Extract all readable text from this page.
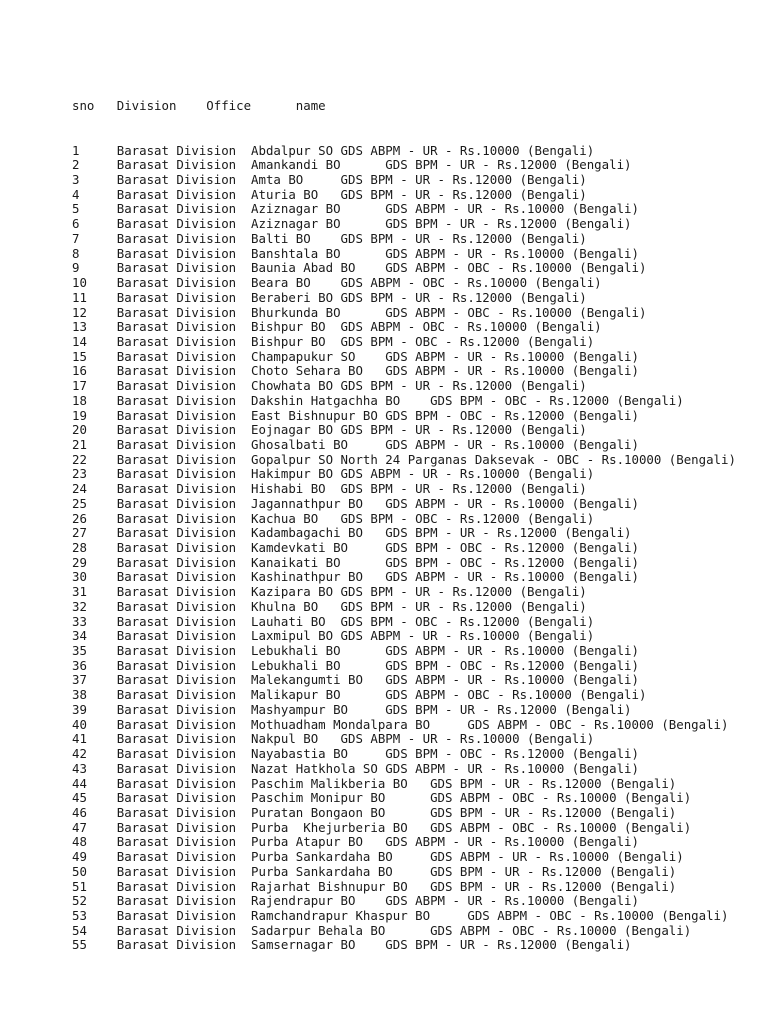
sno   Division    Office      name

1     Barasat Division  Abdalpur SO GDS ABPM - UR - Rs.10000 (Bengali)
2     Barasat Division  Amankandi BO      GDS BPM - UR - Rs.12000 (Bengali)
3     Barasat Division  Amta BO     GDS BPM - UR - Rs.12000 (Bengali)
4     Barasat Division  Aturia BO   GDS BPM - UR - Rs.12000 (Bengali)
5     Barasat Division  Aziznagar BO      GDS ABPM - UR - Rs.10000 (Bengali)
6     Barasat Division  Aziznagar BO      GDS BPM - UR - Rs.12000 (Bengali)
7     Barasat Division  Balti BO    GDS BPM - UR - Rs.12000 (Bengali)
8     Barasat Division  Banshtala BO      GDS ABPM - UR - Rs.10000 (Bengali)
9     Barasat Division  Baunia Abad BO    GDS ABPM - OBC - Rs.10000 (Bengali)
10    Barasat Division  Beara BO    GDS ABPM - OBC - Rs.10000 (Bengali)
11    Barasat Division  Beraberi BO GDS BPM - UR - Rs.12000 (Bengali)
12    Barasat Division  Bhurkunda BO      GDS ABPM - OBC - Rs.10000 (Bengali)
13    Barasat Division  Bishpur BO  GDS ABPM - OBC - Rs.10000 (Bengali)
14    Barasat Division  Bishpur BO  GDS BPM - OBC - Rs.12000 (Bengali)
15    Barasat Division  Champapukur SO    GDS ABPM - UR - Rs.10000 (Bengali)
16    Barasat Division  Choto Sehara BO   GDS ABPM - UR - Rs.10000 (Bengali)
17    Barasat Division  Chowhata BO GDS BPM - UR - Rs.12000 (Bengali)
18    Barasat Division  Dakshin Hatgachha BO    GDS BPM - OBC - Rs.12000 (Bengali)
19    Barasat Division  East Bishnupur BO GDS BPM - OBC - Rs.12000 (Bengali)
20    Barasat Division  Eojnagar BO GDS BPM - UR - Rs.12000 (Bengali)
21    Barasat Division  Ghosalbati BO     GDS ABPM - UR - Rs.10000 (Bengali)
22    Barasat Division  Gopalpur SO North 24 Parganas Daksevak - OBC - Rs.10000 (Bengali)
23    Barasat Division  Hakimpur BO GDS ABPM - UR - Rs.10000 (Bengali)
24    Barasat Division  Hishabi BO  GDS BPM - UR - Rs.12000 (Bengali)
25    Barasat Division  Jagannathpur BO   GDS ABPM - UR - Rs.10000 (Bengali)
26    Barasat Division  Kachua BO   GDS BPM - OBC - Rs.12000 (Bengali)
27    Barasat Division  Kadambagachi BO   GDS BPM - UR - Rs.12000 (Bengali)
28    Barasat Division  Kamdevkati BO     GDS BPM - OBC - Rs.12000 (Bengali)
29    Barasat Division  Kanaikati BO      GDS BPM - OBC - Rs.12000 (Bengali)
30    Barasat Division  Kashinathpur BO   GDS ABPM - UR - Rs.10000 (Bengali)
31    Barasat Division  Kazipara BO GDS BPM - UR - Rs.12000 (Bengali)
32    Barasat Division  Khulna BO   GDS BPM - UR - Rs.12000 (Bengali)
33    Barasat Division  Lauhati BO  GDS BPM - OBC - Rs.12000 (Bengali)
34    Barasat Division  Laxmipul BO GDS ABPM - UR - Rs.10000 (Bengali)
35    Barasat Division  Lebukhali BO      GDS ABPM - UR - Rs.10000 (Bengali)
36    Barasat Division  Lebukhali BO      GDS BPM - OBC - Rs.12000 (Bengali)
37    Barasat Division  Malekangumti BO   GDS ABPM - UR - Rs.10000 (Bengali)
38    Barasat Division  Malikapur BO      GDS ABPM - OBC - Rs.10000 (Bengali)
39    Barasat Division  Mashyampur BO     GDS BPM - UR - Rs.12000 (Bengali)
40    Barasat Division  Mothuadham Mondalpara BO     GDS ABPM - OBC - Rs.10000 (Bengali)
41    Barasat Division  Nakpul BO   GDS ABPM - UR - Rs.10000 (Bengali)
42    Barasat Division  Nayabastia BO     GDS BPM - OBC - Rs.12000 (Bengali)
43    Barasat Division  Nazat Hatkhola SO GDS ABPM - UR - Rs.10000 (Bengali)
44    Barasat Division  Paschim Malikberia BO   GDS BPM - UR - Rs.12000 (Bengali)
45    Barasat Division  Paschim Monipur BO      GDS ABPM - OBC - Rs.10000 (Bengali)
46    Barasat Division  Puratan Bongaon BO      GDS BPM - UR - Rs.12000 (Bengali)
47    Barasat Division  Purba  Khejurberia BO   GDS ABPM - OBC - Rs.10000 (Bengali)
48    Barasat Division  Purba Atapur BO   GDS ABPM - UR - Rs.10000 (Bengali)
49    Barasat Division  Purba Sankardaha BO     GDS ABPM - UR - Rs.10000 (Bengali)
50    Barasat Division  Purba Sankardaha BO     GDS BPM - UR - Rs.12000 (Bengali)
51    Barasat Division  Rajarhat Bishnupur BO   GDS BPM - UR - Rs.12000 (Bengali)
52    Barasat Division  Rajendrapur BO    GDS ABPM - UR - Rs.10000 (Bengali)
53    Barasat Division  Ramchandrapur Khaspur BO     GDS ABPM - OBC - Rs.10000 (Bengali)
54    Barasat Division  Sadarpur Behala BO      GDS ABPM - OBC - Rs.10000 (Bengali)
55    Barasat Division  Samsernagar BO    GDS BPM - UR - Rs.12000 (Bengali)
